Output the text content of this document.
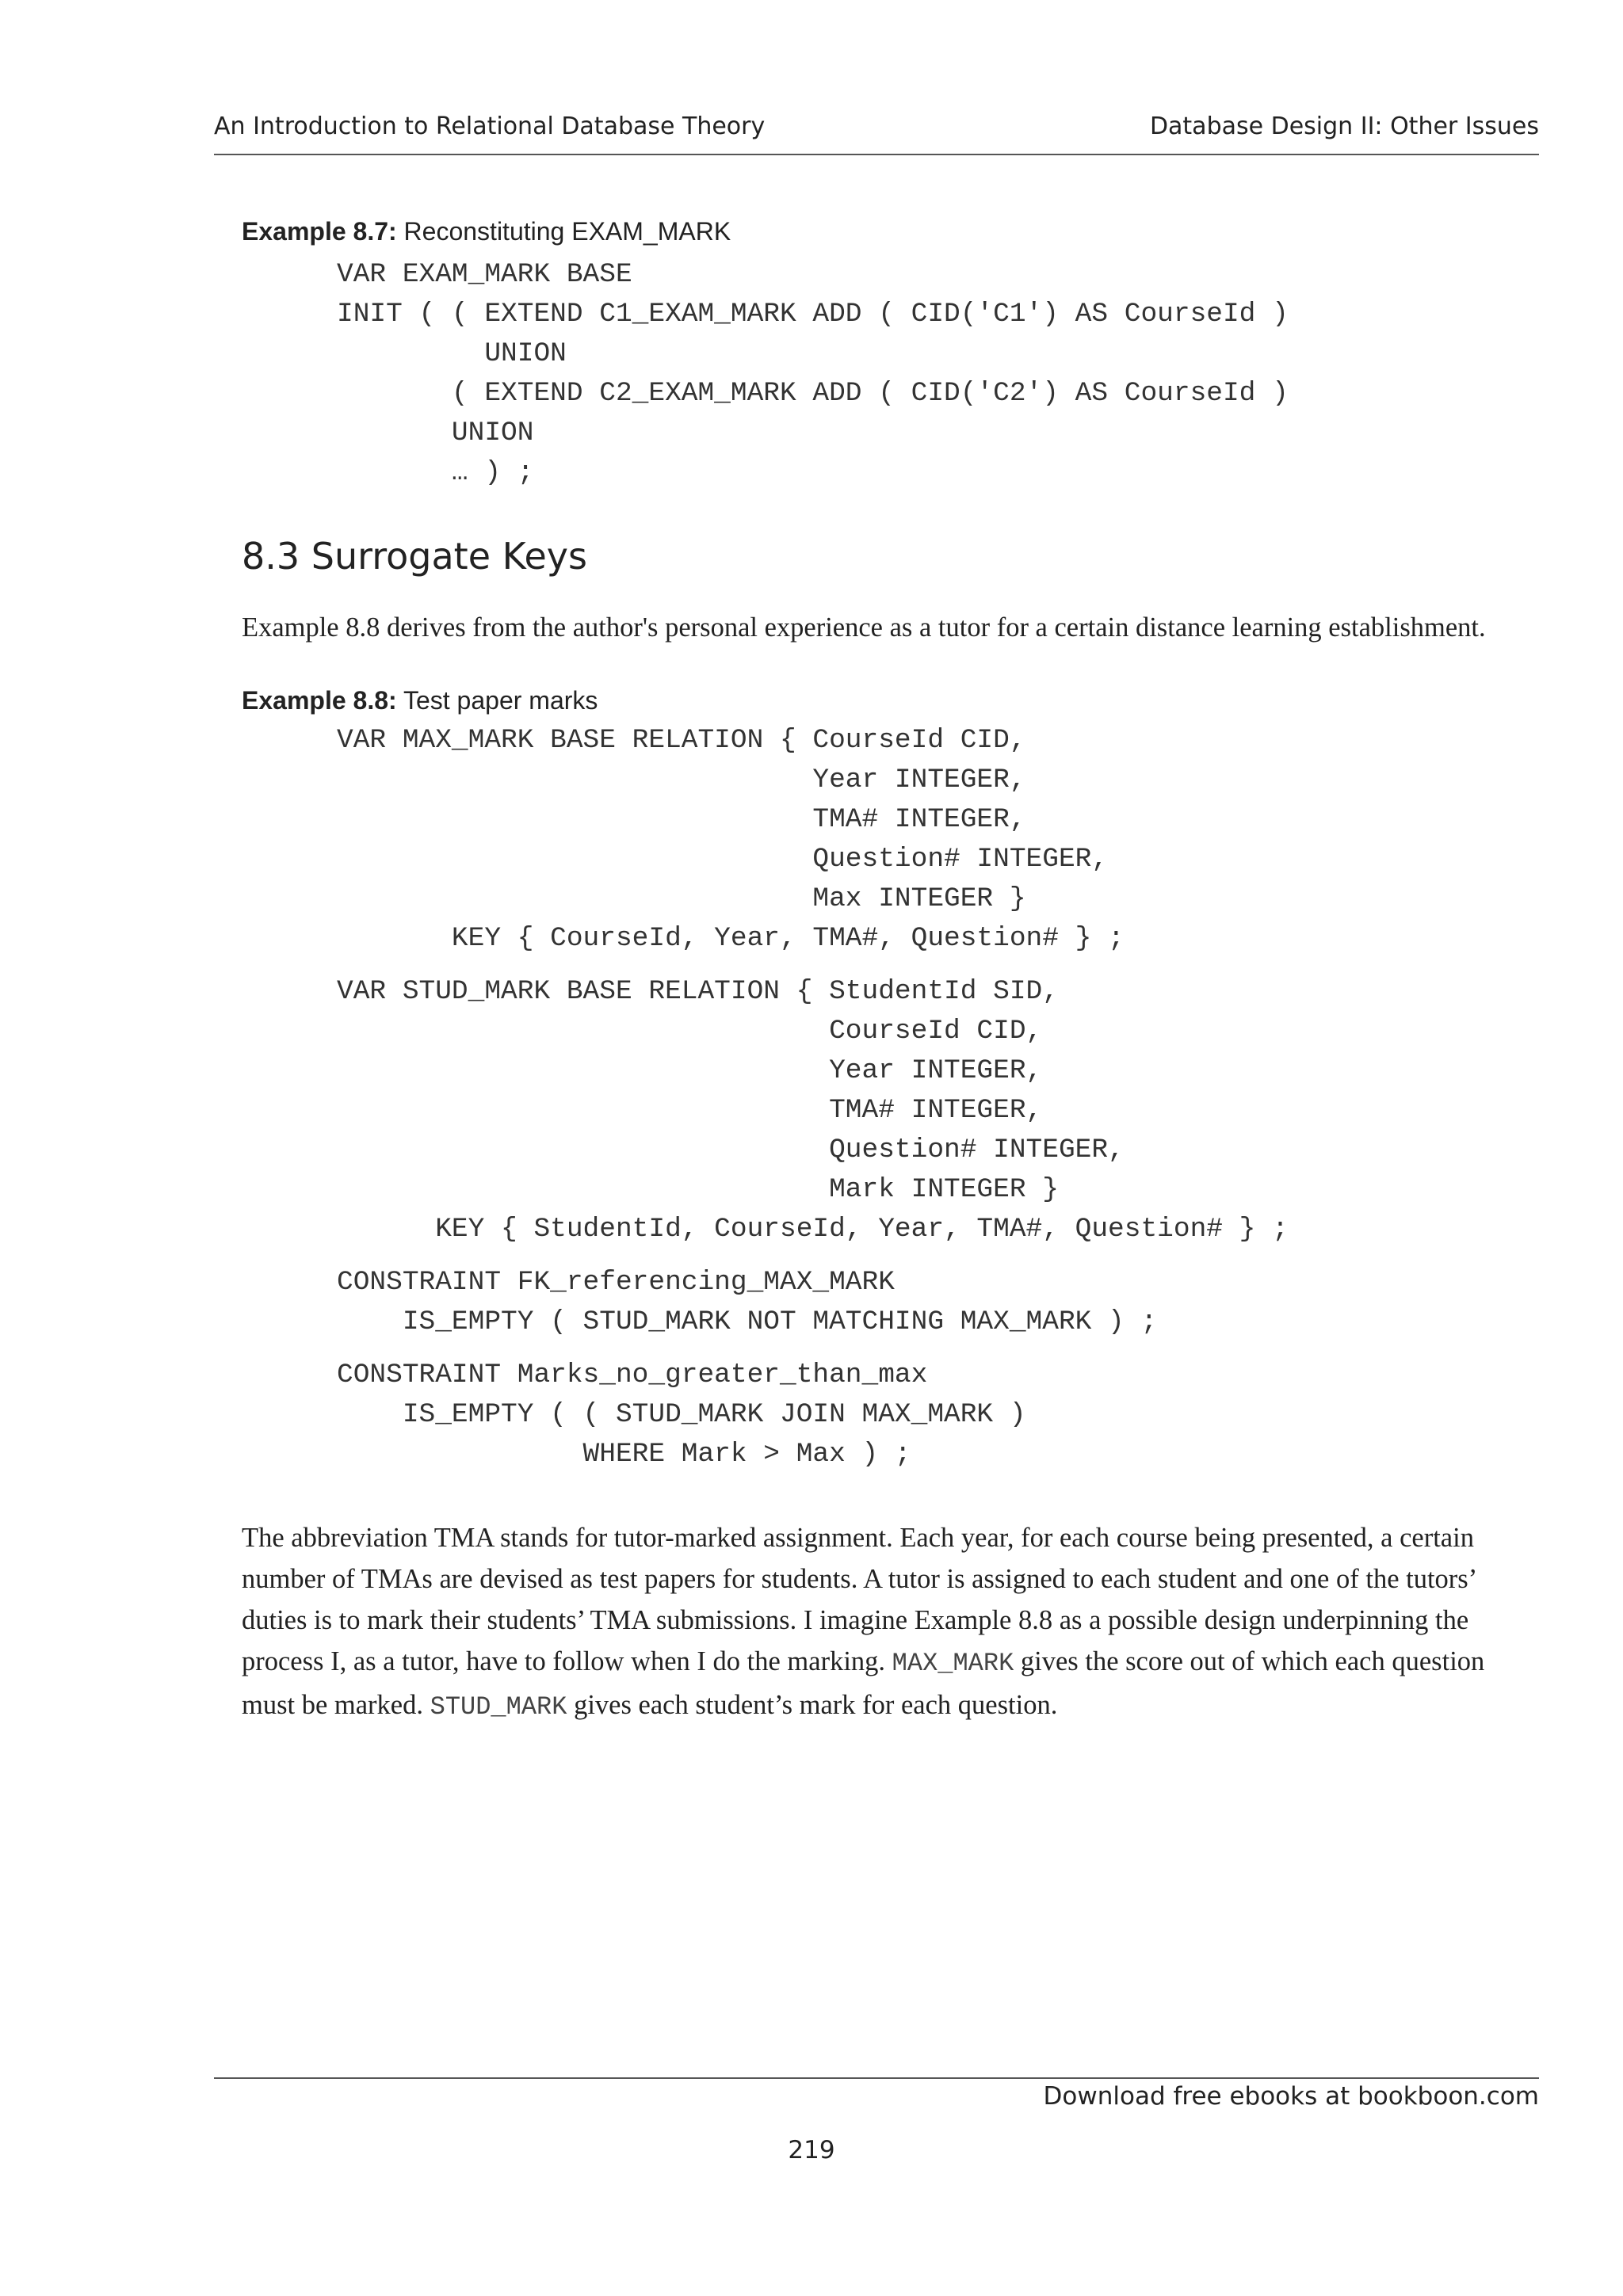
An Introduction to Relational Database Theory	Database Design II: Other Issues

Example 8.7: Reconstituting EXAM_MARK

VAR EXAM_MARK BASE
INIT ( ( EXTEND C1_EXAM_MARK ADD ( CID('C1') AS CourseId )
UNION
( EXTEND C2_EXAM_MARK ADD ( CID('C2') AS CourseId )
UNION
… ) ;
8.3 Surrogate Keys

Example 8.8 derives from the author's personal experience as a tutor for a certain distance learning establishment.

Example 8.8: Test paper marks

VAR MAX_MARK BASE RELATION { CourseId CID,
Year INTEGER,
TMA# INTEGER,
Question# INTEGER,
Max INTEGER }
KEY { CourseId, Year, TMA#, Question# } ;
VAR STUD_MARK BASE RELATION { StudentId SID,
CourseId CID,
Year INTEGER,
TMA# INTEGER,
Question# INTEGER,
Mark INTEGER }
KEY { StudentId, CourseId, Year, TMA#, Question# } ;
CONSTRAINT FK_referencing_MAX_MARK
IS_EMPTY ( STUD_MARK NOT MATCHING MAX_MARK ) ;
CONSTRAINT Marks_no_greater_than_max
IS_EMPTY ( ( STUD_MARK JOIN MAX_MARK )
WHERE Mark > Max ) ;

The abbreviation TMA stands for tutor-marked assignment. Each year, for each course being presented, a certain number of TMAs are devised as test papers for students. A tutor is assigned to each student and one of the tutors’ duties is to mark their students’ TMA submissions. I imagine Example 8.8 as a possible design underpinning the process I, as a tutor, have to follow when I do the marking. MAX_MARK gives the score out of which each question must be marked. STUD_MARK gives each student’s mark for each question.

Download free ebooks at bookboon.com
219
